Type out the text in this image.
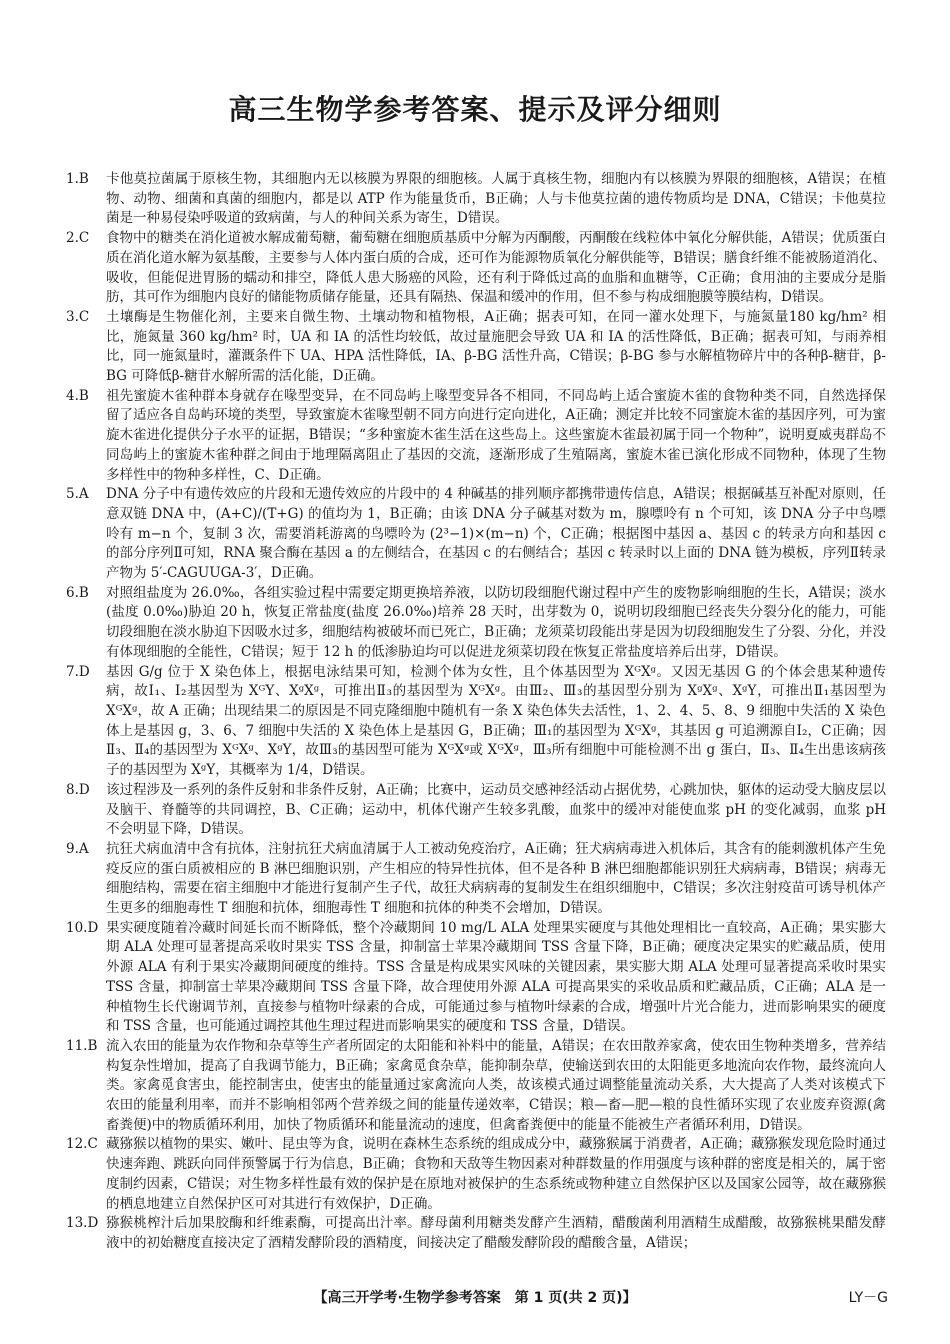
高三生物学参考答案、提示及评分细则
1.B	卡他莫拉菌属于原核生物，其细胞内无以核膜为界限的细胞核。人属于真核生物，细胞内有以核膜为界限的细胞核，A错误；在植物、动物、细菌和真菌的细胞内，都是以 ATP 作为能量货币，B正确；人与卡他莫拉菌的遗传物质均是 DNA，C错误；卡他莫拉菌是一种易侵染呼吸道的致病菌，与人的种间关系为寄生，D错误。
2.C	食物中的糖类在消化道被水解成葡萄糖，葡萄糖在细胞质基质中分解为丙酮酸，丙酮酸在线粒体中氧化分解供能，A错误；优质蛋白质在消化道水解为氨基酸，主要参与人体内蛋白质的合成，还可作为能源物质氧化分解供能等，B错误；膳食纤维不能被肠道消化、吸收，但能促进胃肠的蠕动和排空，降低人患大肠癌的风险，还有利于降低过高的血脂和血糖等，C正确；食用油的主要成分是脂肪，其可作为细胞内良好的储能物质储存能量，还具有隔热、保温和缓冲的作用，但不参与构成细胞膜等膜结构，D错误。
3.C	土壤酶是生物催化剂，主要来自微生物、土壤动物和植物根，A正确；据表可知，在同一灌水处理下，与施氮量180 kg/hm² 相比，施氮量 360 kg/hm² 时，UA 和 IA 的活性均较低，故过量施肥会导致 UA 和 IA 的活性降低，B正确；据表可知，与雨养相比，同一施氮量时，灌溉条件下 UA、HPA 活性降低，IA、β-BG 活性升高，C错误；β-BG 参与水解植物碎片中的各种β-糖苷，β-BG 可降低β-糖苷水解所需的活化能，D正确。
4.B	祖先蜜旋木雀种群本身就存在喙型变异，在不同岛屿上喙型变异各不相同，不同岛屿上适合蜜旋木雀的食物种类不同，自然选择保留了适应各自岛屿环境的类型，导致蜜旋木雀喙型朝不同方向进行定向进化，A正确；测定并比较不同蜜旋木雀的基因序列，可为蜜旋木雀进化提供分子水平的证据，B错误；“多种蜜旋木雀生活在这些岛上。这些蜜旋木雀最初属于同一个物种”，说明夏威夷群岛不同岛屿上的蜜旋木雀种群之间由于地理隔离阻止了基因的交流，逐渐形成了生殖隔离，蜜旋木雀已演化形成不同物种，体现了生物多样性中的物种多样性，C、D正确。
5.A	DNA 分子中有遗传效应的片段和无遗传效应的片段中的 4 种碱基的排列顺序都携带遗传信息，A错误；根据碱基互补配对原则，任意双链 DNA 中，(A+C)/(T+G) 的值均为 1，B正确；由该 DNA 分子碱基对数为 m，腺嘌呤有 n 个可知，该 DNA 分子中鸟嘌呤有 m−n 个，复制 3 次，需要消耗游离的鸟嘌呤为 (2³−1)×(m−n) 个，C正确；根据图中基因 a、基因 c 的转录方向和基因 c 的部分序列Ⅱ可知，RNA 聚合酶在基因 a 的左侧结合，在基因 c 的右侧结合；基因 c 转录时以上面的 DNA 链为模板，序列Ⅱ转录产物为 5′-CAGUUGA-3′，D正确。
6.B	对照组盐度为 26.0‰，各组实验过程中需要定期更换培养液，以防切段细胞代谢过程中产生的废物影响细胞的生长，A错误；淡水(盐度 0.0‰)胁迫 20 h，恢复正常盐度(盐度 26.0‰)培养 28 天时，出芽数为 0，说明切段细胞已经丧失分裂分化的能力，可能切段细胞在淡水胁迫下因吸水过多，细胞结构被破坏而已死亡，B正确；龙须菜切段能出芽是因为切段细胞发生了分裂、分化，并没有体现细胞的全能性，C错误；短于 12 h 的低渗胁迫均可以促进龙须菜切段在恢复正常盐度培养后出芽，D错误。
7.D	基因 G/g 位于 X 染色体上，根据电泳结果可知，检测个体为女性，且个体基因型为 XᴳXᵍ。又因无基因 G 的个体会患某种遗传病，故Ⅰ₁、Ⅰ₂基因型为 XᴳY、XᵍXᵍ，可推出Ⅱ₃的基因型为 XᴳXᵍ。由Ⅲ₂、Ⅲ₃的基因型分别为 XᵍXᵍ、XᵍY，可推出Ⅱ₁基因型为 XᴳXᵍ，故 A 正确；出现结果二的原因是不同克隆细胞中随机有一条 X 染色体失去活性，1、2、4、5、8、9 细胞中失活的 X 染色体上是基因 g，3、6、7 细胞中失活的 X 染色体上是基因 G，B正确；Ⅲ₁的基因型为 XᴳXᵍ，其基因 g 可追溯源自Ⅰ₂，C正确；因Ⅱ₃、Ⅱ₄的基因型为 XᴳXᵍ、XᵍY，故Ⅲ₃的基因型可能为 XᴳXᵍ或 XᴳXᵍ，Ⅲ₃所有细胞中可能检测不出 g 蛋白，Ⅱ₃、Ⅱ₄生出患该病孩子的基因型为 XᵍY，其概率为 1/4，D错误。
8.D	该过程涉及一系列的条件反射和非条件反射，A正确；比赛中，运动员交感神经活动占据优势，心跳加快，躯体的运动受大脑皮层以及脑干、脊髓等的共同调控，B、C正确；运动中，机体代谢产生较多乳酸，血浆中的缓冲对能使血浆 pH 的变化减弱，血浆 pH 不会明显下降，D错误。
9.A	抗狂犬病血清中含有抗体，注射抗狂犬病血清属于人工被动免疫治疗，A正确；狂犬病病毒进入机体后，其含有的能刺激机体产生免疫反应的蛋白质被相应的 B 淋巴细胞识别，产生相应的特异性抗体，但不是各种 B 淋巴细胞都能识别狂犬病病毒，B错误；病毒无细胞结构，需要在宿主细胞中才能进行复制产生子代，故狂犬病病毒的复制发生在组织细胞中，C错误；多次注射疫苗可诱导机体产生更多的细胞毒性 T 细胞和抗体，细胞毒性 T 细胞和抗体的种类不会增加，D错误。
10.D 果实硬度随着冷藏时间延长而不断降低，整个冷藏期间 10 mg/L ALA 处理果实硬度与其他处理相比一直较高，A正确；果实膨大期 ALA 处理可显著提高采收时果实 TSS 含量，抑制富士苹果冷藏期间 TSS 含量下降，B正确；硬度决定果实的贮藏品质，使用外源 ALA 有利于果实冷藏期间硬度的维持。TSS 含量是构成果实风味的关键因素，果实膨大期 ALA 处理可显著提高采收时果实 TSS 含量，抑制富士苹果冷藏期间 TSS 含量下降，故合理使用外源 ALA 可提高果实的采收品质和贮藏品质，C正确；ALA 是一种植物生长代谢调节剂，直接参与植物叶绿素的合成，可能通过参与植物叶绿素的合成，增强叶片光合能力，进而影响果实的硬度和 TSS 含量，也可能通过调控其他生理过程进而影响果实的硬度和 TSS 含量，D错误。
11.B 流入农田的能量为农作物和杂草等生产者所固定的太阳能和补料中的能量，A错误；在农田散养家禽，使农田生物种类增多，营养结构复杂性增加，提高了自我调节能力，B正确；家禽觅食杂草，能抑制杂草，使输送到农田的太阳能更多地流向农作物，最终流向人类。家禽觅食害虫，能控制害虫，使害虫的能量通过家禽流向人类，故该模式通过调整能量流动关系，大大提高了人类对该模式下农田的能量利用率，而并不影响相邻两个营养级之间的能量传递效率，C错误；粮—畜—肥—粮的良性循环实现了农业废弃资源(禽畜粪便)中的物质循环利用，加快了物质循环和能量流动的速度，但禽畜粪便中的能量不能被生产者循环利用，D错误。
12.C 藏猕猴以植物的果实、嫩叶、昆虫等为食，说明在森林生态系统的组成成分中，藏猕猴属于消费者，A正确；藏猕猴发现危险时通过快速奔跑、跳跃向同伴预警属于行为信息，B正确；食物和天敌等生物因素对种群数量的作用强度与该种群的密度是相关的，属于密度制约因素，C错误；对生物多样性最有效的保护是在原地对被保护的生态系统或物种建立自然保护区以及国家公园等，故在藏猕猴的栖息地建立自然保护区可对其进行有效保护，D正确。
13.D 猕猴桃榨汁后加果胶酶和纤维素酶，可提高出汁率。酵母菌利用糖类发酵产生酒精，醋酸菌利用酒精生成醋酸，故猕猴桃果醋发酵液中的初始糖度直接决定了酒精发酵阶段的酒精度，间接决定了醋酸发酵阶段的醋酸含量，A错误；
【高三开学考·生物学参考答案　第 1 页(共 2 页)】	LY－G
